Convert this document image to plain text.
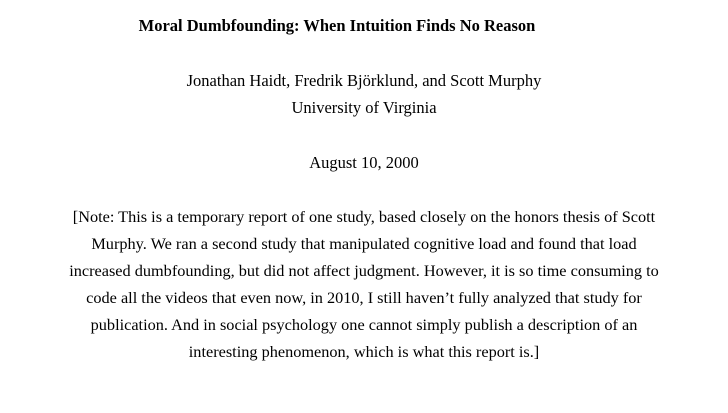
Moral Dumbfounding: When Intuition Finds No Reason
Jonathan Haidt, Fredrik Björklund, and Scott Murphy
University of Virginia
August 10, 2000
[Note: This is a temporary report of one study, based closely on the honors thesis of Scott
Murphy. We ran a second study that manipulated cognitive load and found that load
increased dumbfounding, but did not affect judgment. However, it is so time consuming to
code all the videos that even now, in 2010, I still haven’t fully analyzed that study for
publication. And in social psychology one cannot simply publish a description of an
interesting phenomenon, which is what this report is.]
